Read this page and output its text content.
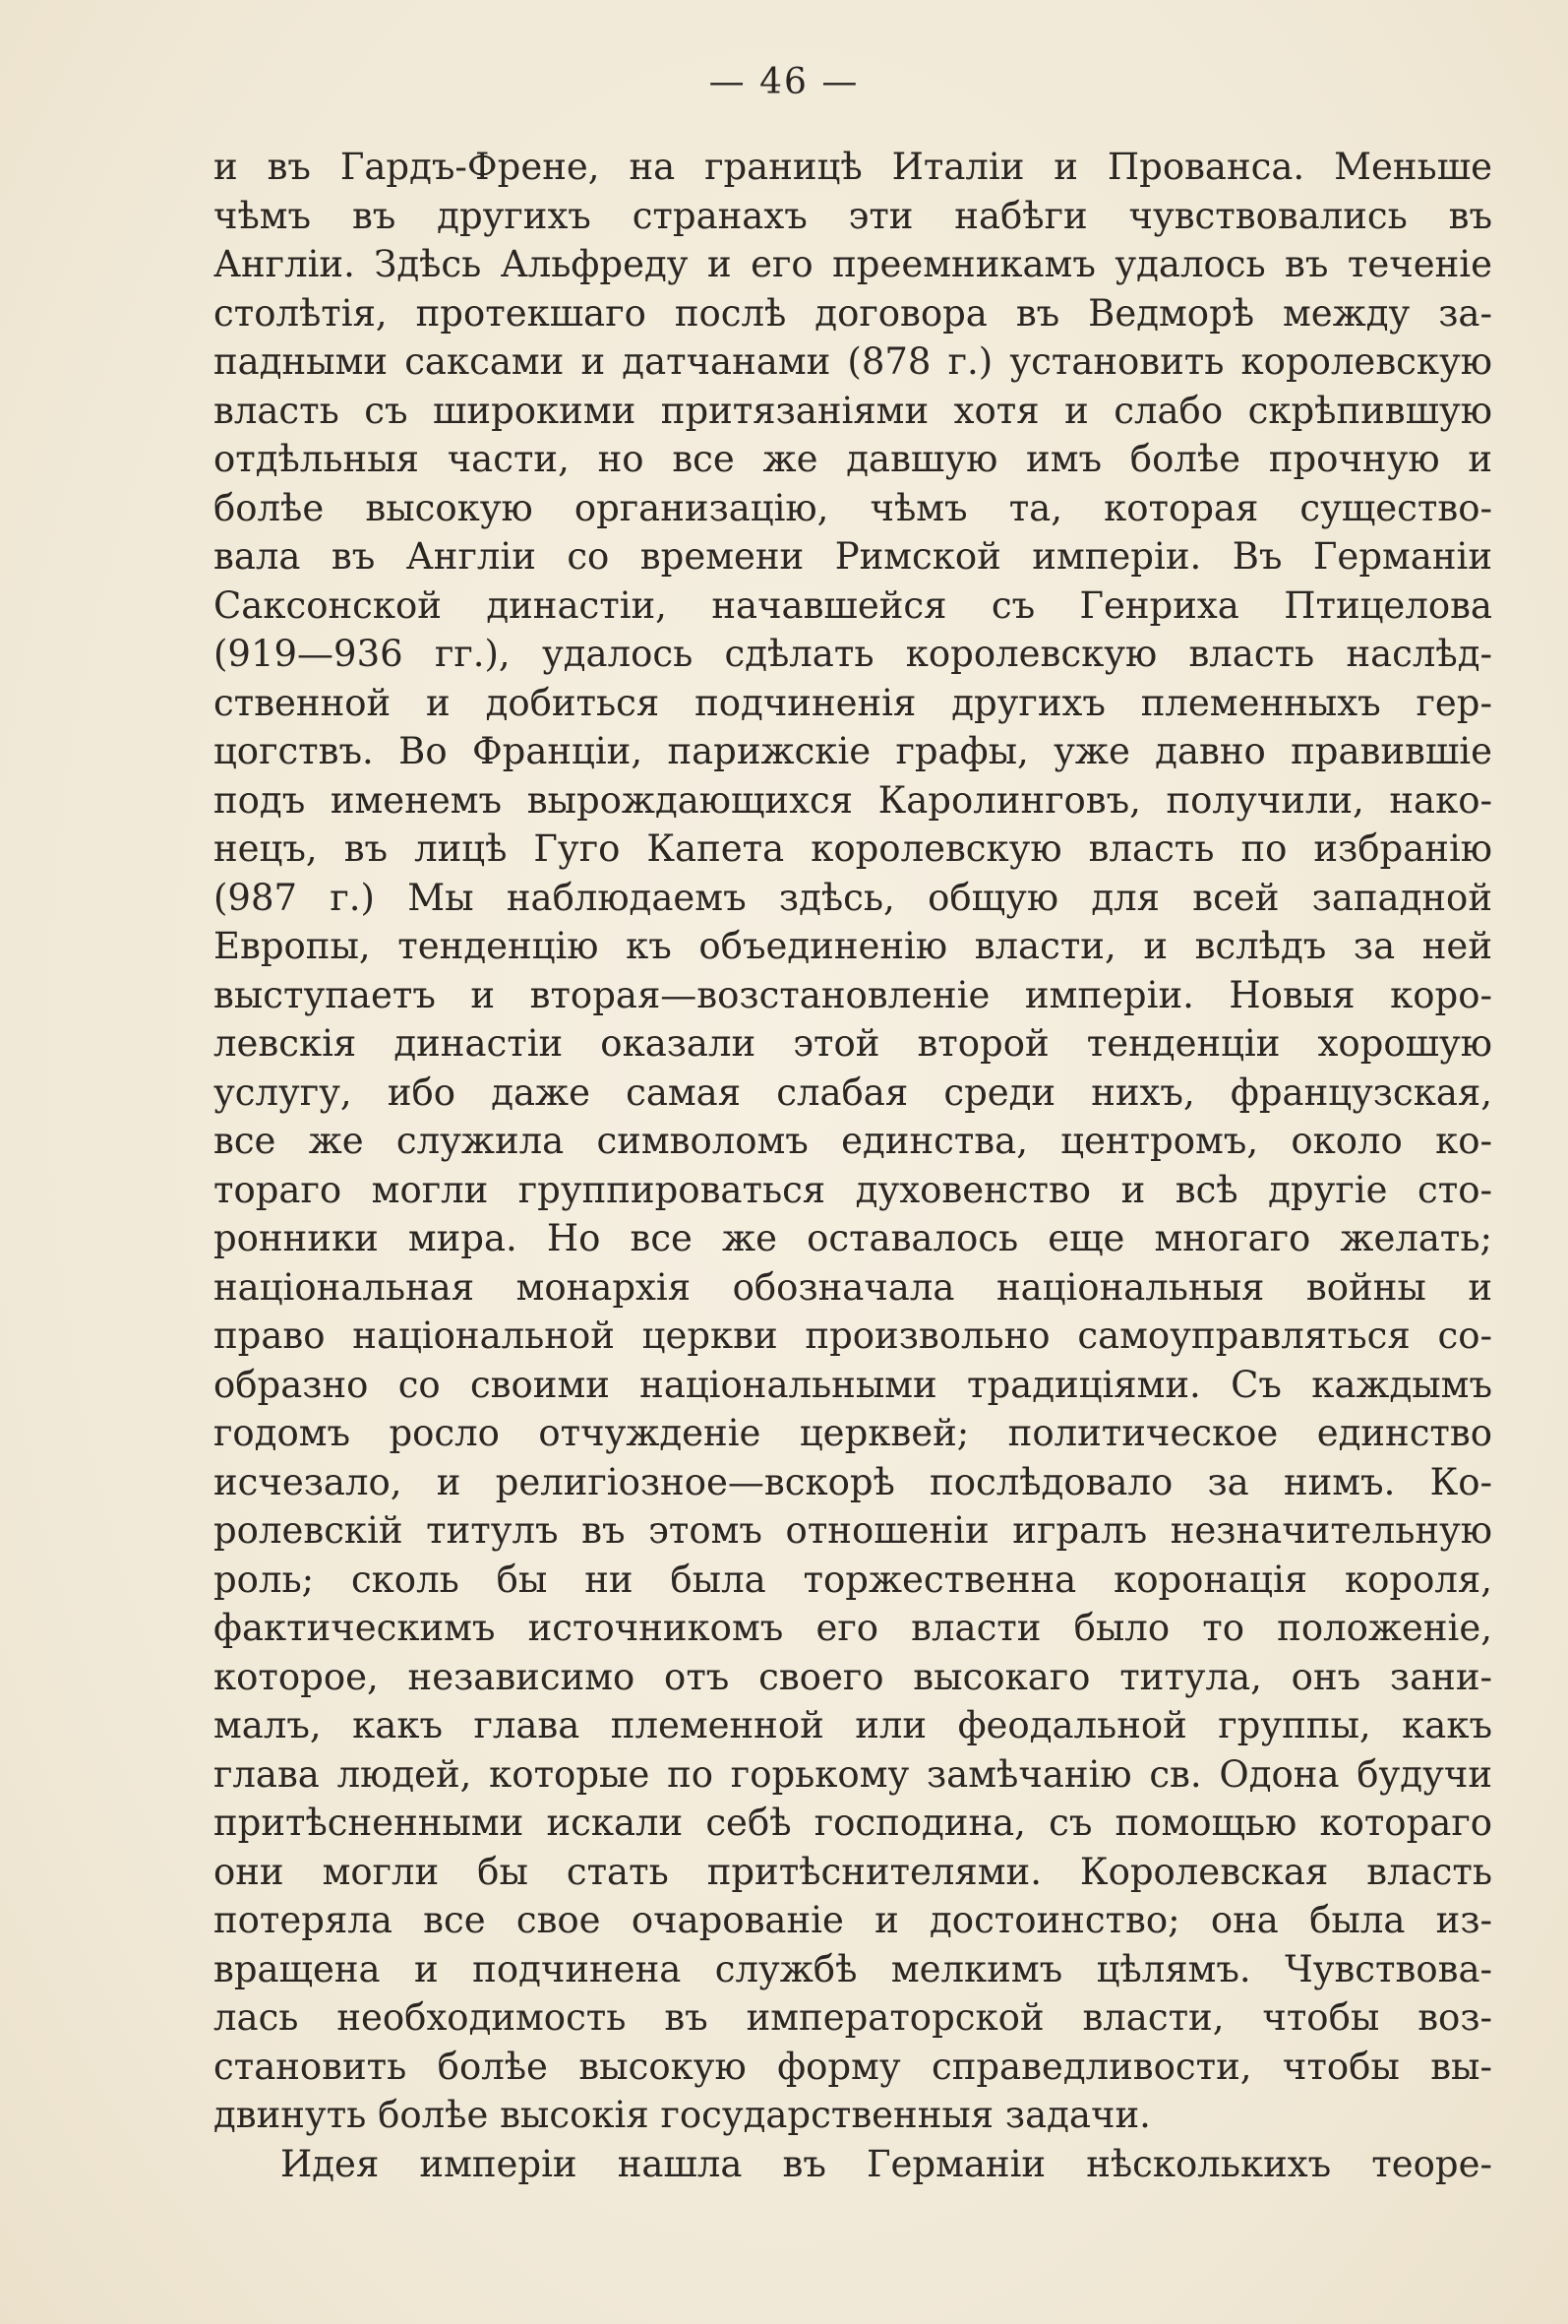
— 46 —
и въ Гардъ-Френе, на границѣ Италіи и Прованса. Меньше
чѣмъ въ другихъ странахъ эти набѣги чувствовались въ
Англіи. Здѣсь Альфреду и его преемникамъ удалось въ теченіе
столѣтія, протекшаго послѣ договора въ Ведморѣ между за-
падными саксами и датчанами (878 г.) установить королевскую
власть съ широкими притязаніями хотя и слабо скрѣпившую
отдѣльныя части, но все же давшую имъ болѣе прочную и
болѣе высокую организацію, чѣмъ та, которая существо-
вала въ Англіи со времени Римской имперіи. Въ Германіи
Саксонской династіи, начавшейся съ Генриха Птицелова
(919—936 гг.), удалось сдѣлать королевскую власть наслѣд-
ственной и добиться подчиненія другихъ племенныхъ гер-
цогствъ. Во Франціи, парижскіе графы, уже давно правившіе
подъ именемъ вырождающихся Каролинговъ, получили, нако-
нецъ, въ лицѣ Гуго Капета королевскую власть по избранію
(987 г.) Мы наблюдаемъ здѣсь, общую для всей западной
Европы, тенденцію къ объединенію власти, и вслѣдъ за ней
выступаетъ и вторая—возстановленіе имперіи. Новыя коро-
левскія династіи оказали этой второй тенденціи хорошую
услугу, ибо даже самая слабая среди нихъ, французская,
все же служила символомъ единства, центромъ, около ко-
тораго могли группироваться духовенство и всѣ другіе сто-
ронники мира. Но все же оставалось еще многаго желать;
національная монархія обозначала національныя войны и
право національной церкви произвольно самоуправляться со-
образно со своими національными традиціями. Съ каждымъ
годомъ росло отчужденіе церквей; политическое единство
исчезало, и религіозное—вскорѣ послѣдовало за нимъ. Ко-
ролевскій титулъ въ этомъ отношеніи игралъ незначительную
роль; сколь бы ни была торжественна коронація короля,
фактическимъ источникомъ его власти было то положеніе,
которое, независимо отъ своего высокаго титула, онъ зани-
малъ, какъ глава племенной или феодальной группы, какъ
глава людей, которые по горькому замѣчанію св. Одона будучи
притѣсненными искали себѣ господина, съ помощью котораго
они могли бы стать притѣснителями. Королевская власть
потеряла все свое очарованіе и достоинство; она была из-
вращена и подчинена службѣ мелкимъ цѣлямъ. Чувствова-
лась необходимость въ императорской власти, чтобы воз-
становить болѣе высокую форму справедливости, чтобы вы-
двинуть болѣе высокія государственныя задачи.
Идея имперіи нашла въ Германіи нѣсколькихъ теоре-
